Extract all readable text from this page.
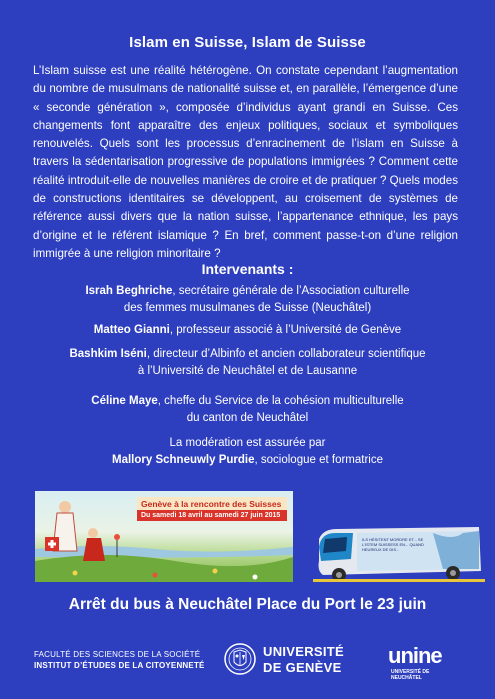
Islam en Suisse, Islam de Suisse
L’Islam suisse est une réalité hétérogène. On constate cependant l’augmentation du nombre de musulmans de nationalité suisse et, en parallèle, l’émergence d’une « seconde génération », composée d’individus ayant grandi en Suisse. Ces changements font apparaître des enjeux politiques, sociaux et symboliques renouvelés. Quels sont les processus d’enracinement de l’islam en Suisse à travers la sédentarisation progressive de populations immigrées ? Comment cette réalité introduit-elle de nouvelles manières de croire et de pratiquer ? Quels modes de constructions identitaires se développent, au croisement de systèmes de référence aussi divers que la nation suisse, l’appartenance ethnique, les pays d’origine et le référent islamique ? En bref, comment passe-t-on d’une religion immigrée à une religion minoritaire ?
Intervenants :
Israh Beghriche, secrétaire générale de l’Association culturelle
des femmes musulmanes de Suisse (Neuchâtel)
Matteo Gianni, professeur associé à l’Université de Genève
Bashkim Iséni, directeur d’Albinfo et ancien collaborateur scientifique
à l’Université de Neuchâtel et de Lausanne
Céline Maye, cheffe du Service de la cohésion multiculturelle
du canton de Neuchâtel
La modération est assurée par
Mallory Schneuwly Purdie, sociologue et formatrice
Genève à la rencontre des Suisses
Du samedi 18 avril au samedi 27 juin 2015
ILS HÉSITENT MORDRE ET... SE L'ISTEM SUISSESS EN... QUAND HEUREUX DE DIS...
Arrêt du bus à Neuchâtel Place du Port le 23 juin
FACULTÉ DES SCIENCES DE LA SOCIÉTÉ
INSTITUT D’ÉTUDES DE LA CITOYENNETÉ
UNIVERSITÉ
DE GENÈVE unine
UNIVERSITÉ DE
NEUCHÂTEL
